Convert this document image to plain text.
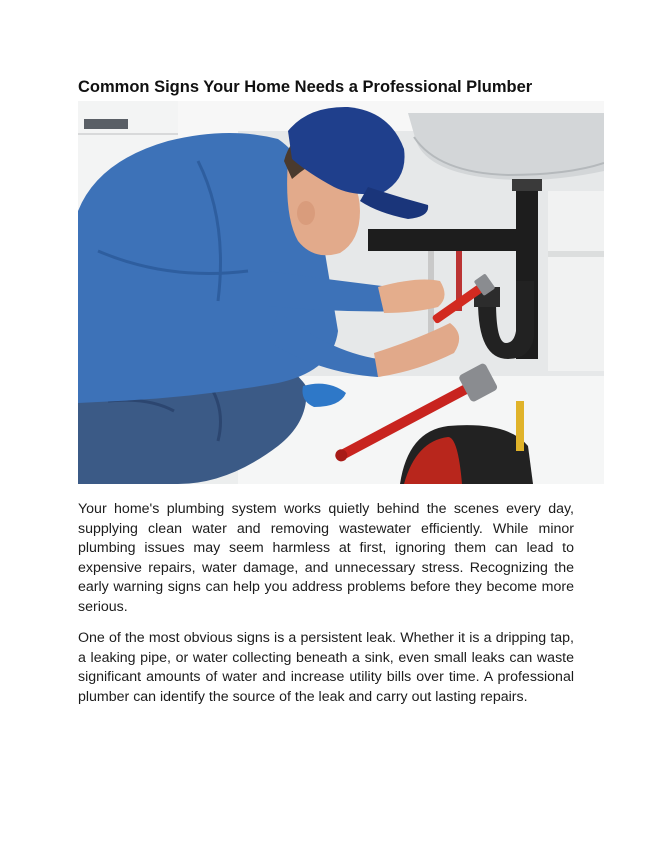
Common Signs Your Home Needs a Professional Plumber

Your home's plumbing system works quietly behind the scenes every day, supplying clean water and removing wastewater efficiently. While minor plumbing issues may seem harmless at first, ignoring them can lead to expensive repairs, water damage, and unnecessary stress. Recognizing the early warning signs can help you address problems before they become more serious.

One of the most obvious signs is a persistent leak. Whether it is a dripping tap, a leaking pipe, or water collecting beneath a sink, even small leaks can waste significant amounts of water and increase utility bills over time. A professional plumber can identify the source of the leak and carry out lasting repairs.
